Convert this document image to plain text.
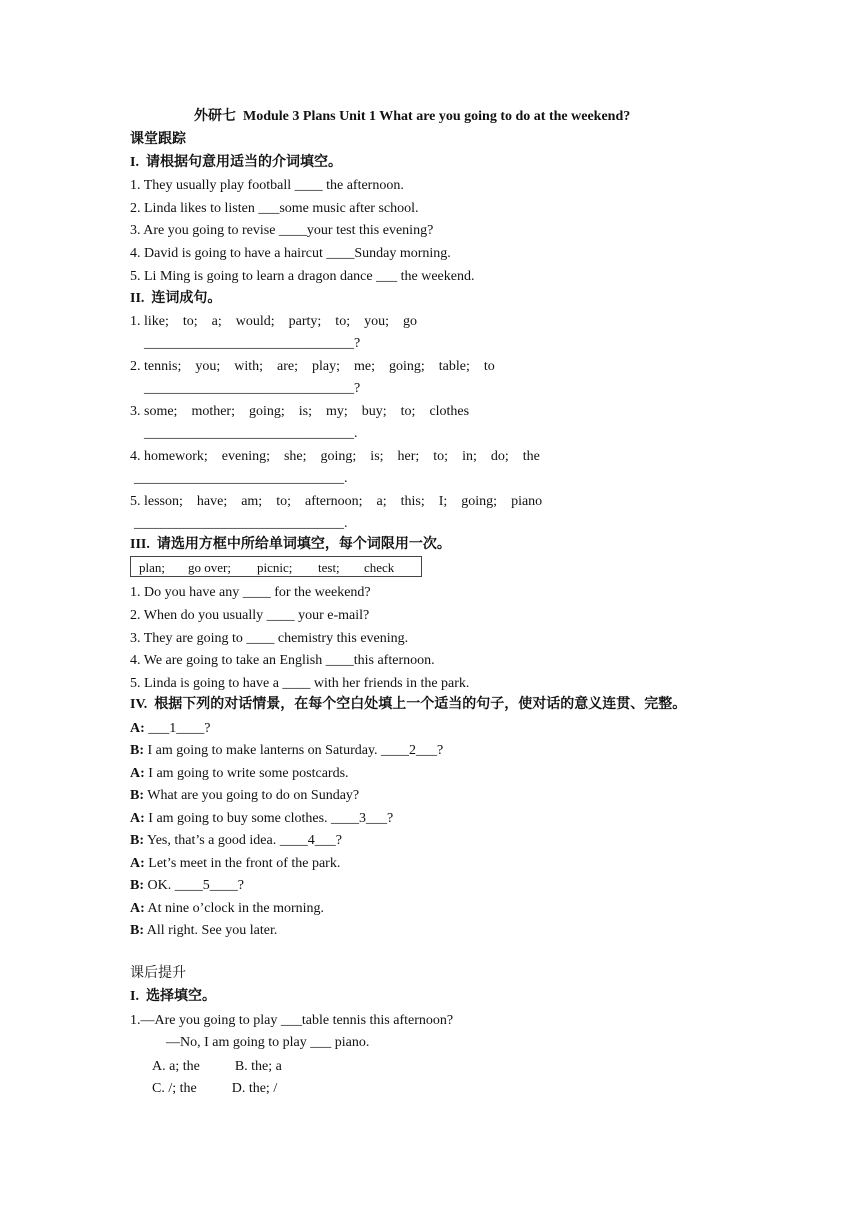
外研七  Module 3 Plans Unit 1 What are you going to do at the weekend?
课堂跟踪
I.  请根据句意用适当的介词填空。
1. They usually play football ____ the afternoon.
2. Linda likes to listen ___some music after school.
3. Are you going to revise ____your test this evening?
4. David is going to have a haircut ____Sunday morning.
5. Li Ming is going to learn a dragon dance ___ the weekend.
II.  连词成句。
1. like;    to;    a;    would;    party;    to;    you;    go
______________________________?
2. tennis;    you;    with;    are;    play;    me;    going;    table;    to
______________________________?
3. some;    mother;    going;    is;    my;    buy;    to;    clothes
______________________________.
4. homework;    evening;    she;    going;    is;    her;    to;    in;    do;    the
______________________________.
5. lesson;    have;    am;    to;    afternoon;    a;    this;    I;    going;    piano
______________________________.
III.  请选用方框中所给单词填空，每个词限用一次。
plan; go over; picnic; test; check
1. Do you have any ____ for the weekend?
2. When do you usually ____ your e-mail?
3. They are going to ____ chemistry this evening.
4. We are going to take an English ____this afternoon.
5. Linda is going to have a ____ with her friends in the park.
IV.  根据下列的对话情景，在每个空白处填上一个适当的句子，使对话的意义连贯、完整。
A: ___1____?
B: I am going to make lanterns on Saturday. ____2___?
A: I am going to write some postcards.
B: What are you going to do on Sunday?
A: I am going to buy some clothes. ____3___?
B: Yes, that’s a good idea. ____4___?
A: Let’s meet in the front of the park.
B: OK. ____5____?
A: At nine o’clock in the morning.
B: All right. See you later.
课后提升
I.  选择填空。
1.—Are you going to play ___table tennis this afternoon?
—No, I am going to play ___ piano.
A. a; the          B. the; a
C. /; the          D. the; /
